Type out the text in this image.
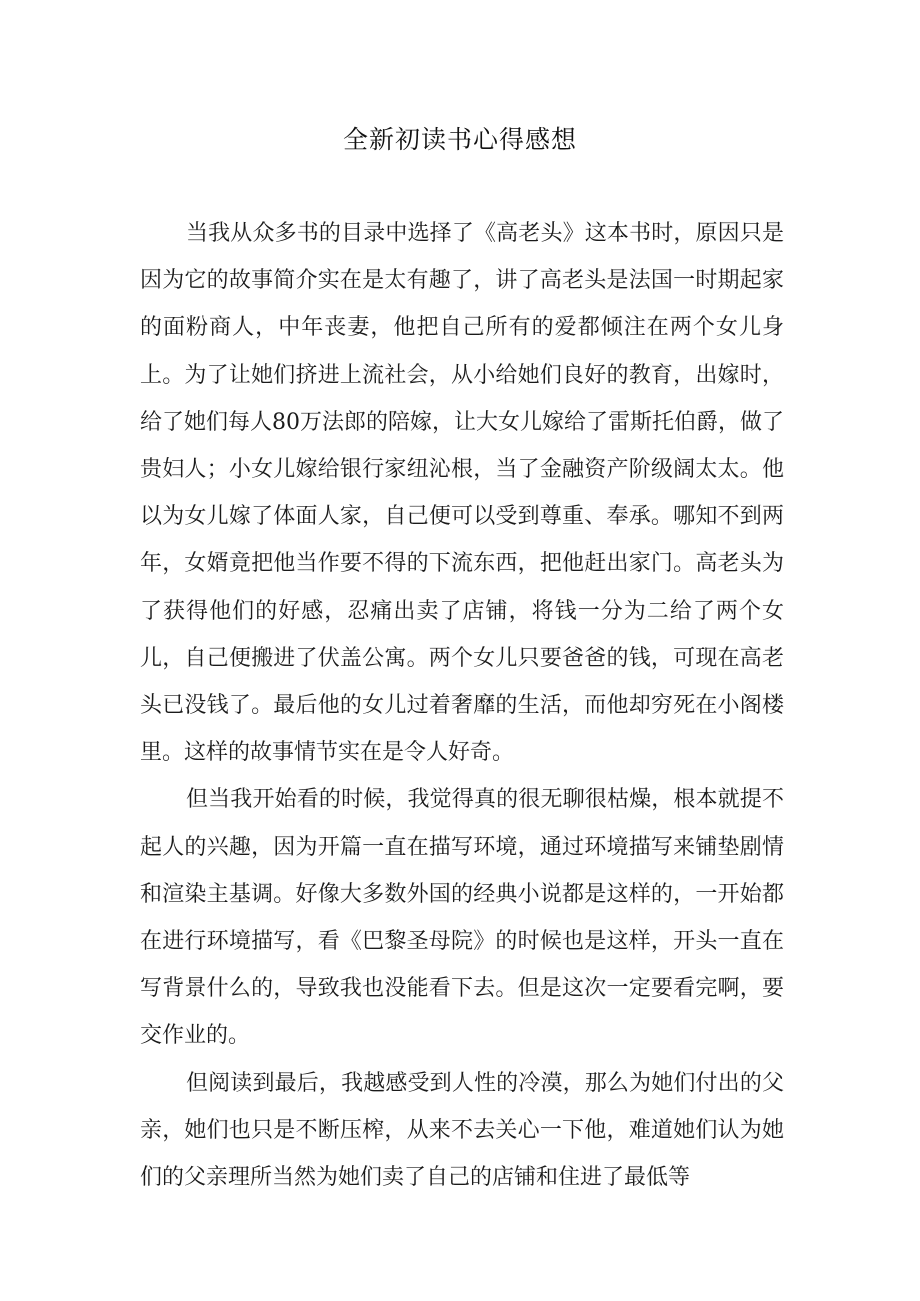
全新初读书心得感想

当我从众多书的目录中选择了《高老头》这本书时，原因只是因为它的故事简介实在是太有趣了，讲了高老头是法国一时期起家的面粉商人，中年丧妻，他把自己所有的爱都倾注在两个女儿身上。为了让她们挤进上流社会，从小给她们良好的教育，出嫁时，给了她们每人80万法郎的陪嫁，让大女儿嫁给了雷斯托伯爵，做了贵妇人；小女儿嫁给银行家纽沁根，当了金融资产阶级阔太太。他以为女儿嫁了体面人家，自己便可以受到尊重、奉承。哪知不到两年，女婿竟把他当作要不得的下流东西，把他赶出家门。高老头为了获得他们的好感，忍痛出卖了店铺，将钱一分为二给了两个女儿，自己便搬进了伏盖公寓。两个女儿只要爸爸的钱，可现在高老头已没钱了。最后他的女儿过着奢靡的生活，而他却穷死在小阁楼里。这样的故事情节实在是令人好奇。

但当我开始看的时候，我觉得真的很无聊很枯燥，根本就提不起人的兴趣，因为开篇一直在描写环境，通过环境描写来铺垫剧情和渲染主基调。好像大多数外国的经典小说都是这样的，一开始都在进行环境描写，看《巴黎圣母院》的时候也是这样，开头一直在写背景什么的，导致我也没能看下去。但是这次一定要看完啊，要交作业的。

但阅读到最后，我越感受到人性的冷漠，那么为她们付出的父亲，她们也只是不断压榨，从来不去关心一下他，难道她们认为她们的父亲理所当然为她们卖了自己的店铺和住进了最低等
